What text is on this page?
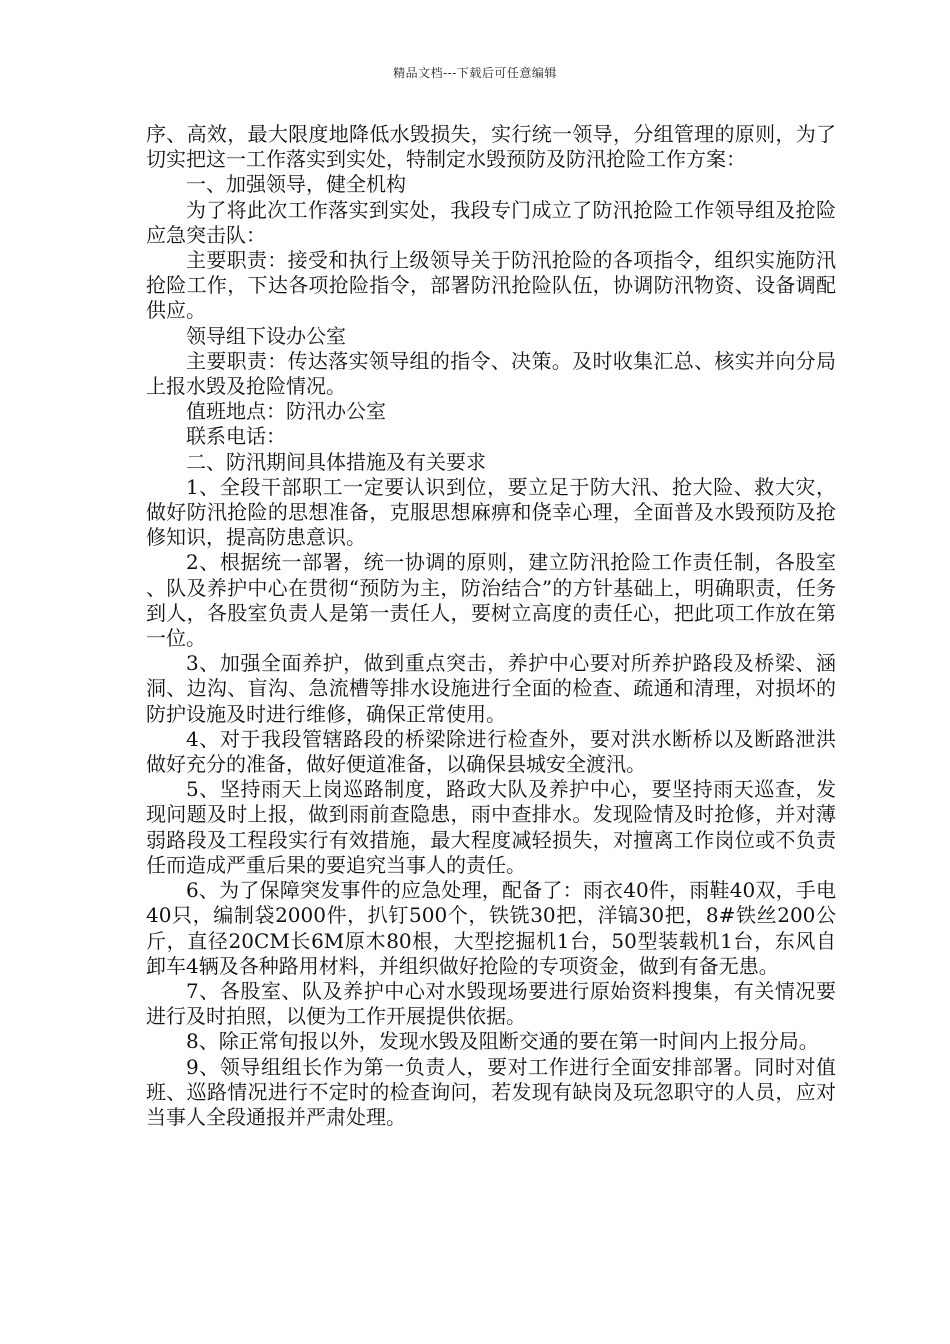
精品文档---下载后可任意编辑

序、高效，最大限度地降低水毁损失，实行统一领导，分组管理的原则，为了切实把这一工作落实到实处，特制定水毁预防及防汛抢险工作方案：

一、加强领导，健全机构

为了将此次工作落实到实处，我段专门成立了防汛抢险工作领导组及抢险应急突击队：

主要职责：接受和执行上级领导关于防汛抢险的各项指令，组织实施防汛抢险工作，下达各项抢险指令，部署防汛抢险队伍，协调防汛物资、设备调配供应。

领导组下设办公室

主要职责：传达落实领导组的指令、决策。及时收集汇总、核实并向分局上报水毁及抢险情况。

值班地点：防汛办公室

联系电话：

二、防汛期间具体措施及有关要求

1、全段干部职工一定要认识到位，要立足于防大汛、抢大险、救大灾，做好防汛抢险的思想准备，克服思想麻痹和侥幸心理，全面普及水毁预防及抢修知识，提高防患意识。

2、根据统一部署，统一协调的原则，建立防汛抢险工作责任制，各股室、队及养护中心在贯彻“预防为主，防治结合”的方针基础上，明确职责，任务到人，各股室负责人是第一责任人，要树立高度的责任心，把此项工作放在第一位。

3、加强全面养护，做到重点突击，养护中心要对所养护路段及桥梁、涵洞、边沟、盲沟、急流槽等排水设施进行全面的检查、疏通和清理，对损坏的防护设施及时进行维修，确保正常使用。

4、对于我段管辖路段的桥梁除进行检查外，要对洪水断桥以及断路泄洪做好充分的准备，做好便道准备，以确保县城安全渡汛。

5、坚持雨天上岗巡路制度，路政大队及养护中心，要坚持雨天巡查，发现问题及时上报，做到雨前查隐患，雨中查排水。发现险情及时抢修，并对薄弱路段及工程段实行有效措施，最大程度减轻损失，对擅离工作岗位或不负责任而造成严重后果的要追究当事人的责任。

6、为了保障突发事件的应急处理，配备了：雨衣40件，雨鞋40双，手电40只，编制袋2000件，扒钉500个，铁铣30把，洋镐30把，8#铁丝200公斤，直径20CM长6M原木80根，大型挖掘机1台，50型装载机1台，东风自卸车4辆及各种路用材料，并组织做好抢险的专项资金，做到有备无患。

7、各股室、队及养护中心对水毁现场要进行原始资料搜集，有关情况要进行及时拍照，以便为工作开展提供依据。

8、除正常旬报以外，发现水毁及阻断交通的要在第一时间内上报分局。

9、领导组组长作为第一负责人，要对工作进行全面安排部署。同时对值班、巡路情况进行不定时的检查询问，若发现有缺岗及玩忽职守的人员，应对当事人全段通报并严肃处理。
